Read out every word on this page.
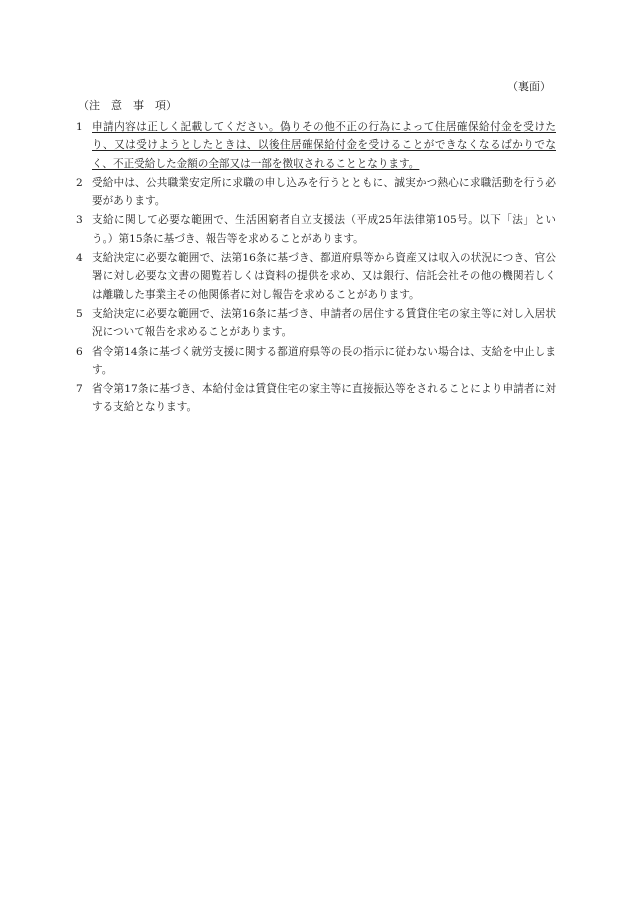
（裏面）
（注　意　事　項）
1 申請内容は正しく記載してください。偽りその他不正の行為によって住居確保給付金を受けたり、又は受けようとしたときは、以後住居確保給付金を受けることができなくなるばかりでなく、不正受給した金額の全部又は一部を徴収されることとなります。
2 受給中は、公共職業安定所に求職の申し込みを行うとともに、誠実かつ熱心に求職活動を行う必要があります。
3 支給に関して必要な範囲で、生活困窮者自立支援法（平成25年法律第105号。以下「法」という。）第15条に基づき、報告等を求めることがあります。
4 支給決定に必要な範囲で、法第16条に基づき、都道府県等から資産又は収入の状況につき、官公署に対し必要な文書の閲覧若しくは資料の提供を求め、又は銀行、信託会社その他の機関若しくは離職した事業主その他関係者に対し報告を求めることがあります。
5 支給決定に必要な範囲で、法第16条に基づき、申請者の居住する賃貸住宅の家主等に対し入居状況について報告を求めることがあります。
6 省令第14条に基づく就労支援に関する都道府県等の長の指示に従わない場合は、支給を中止します。
7 省令第17条に基づき、本給付金は賃貸住宅の家主等に直接振込等をされることにより申請者に対する支給となります。
